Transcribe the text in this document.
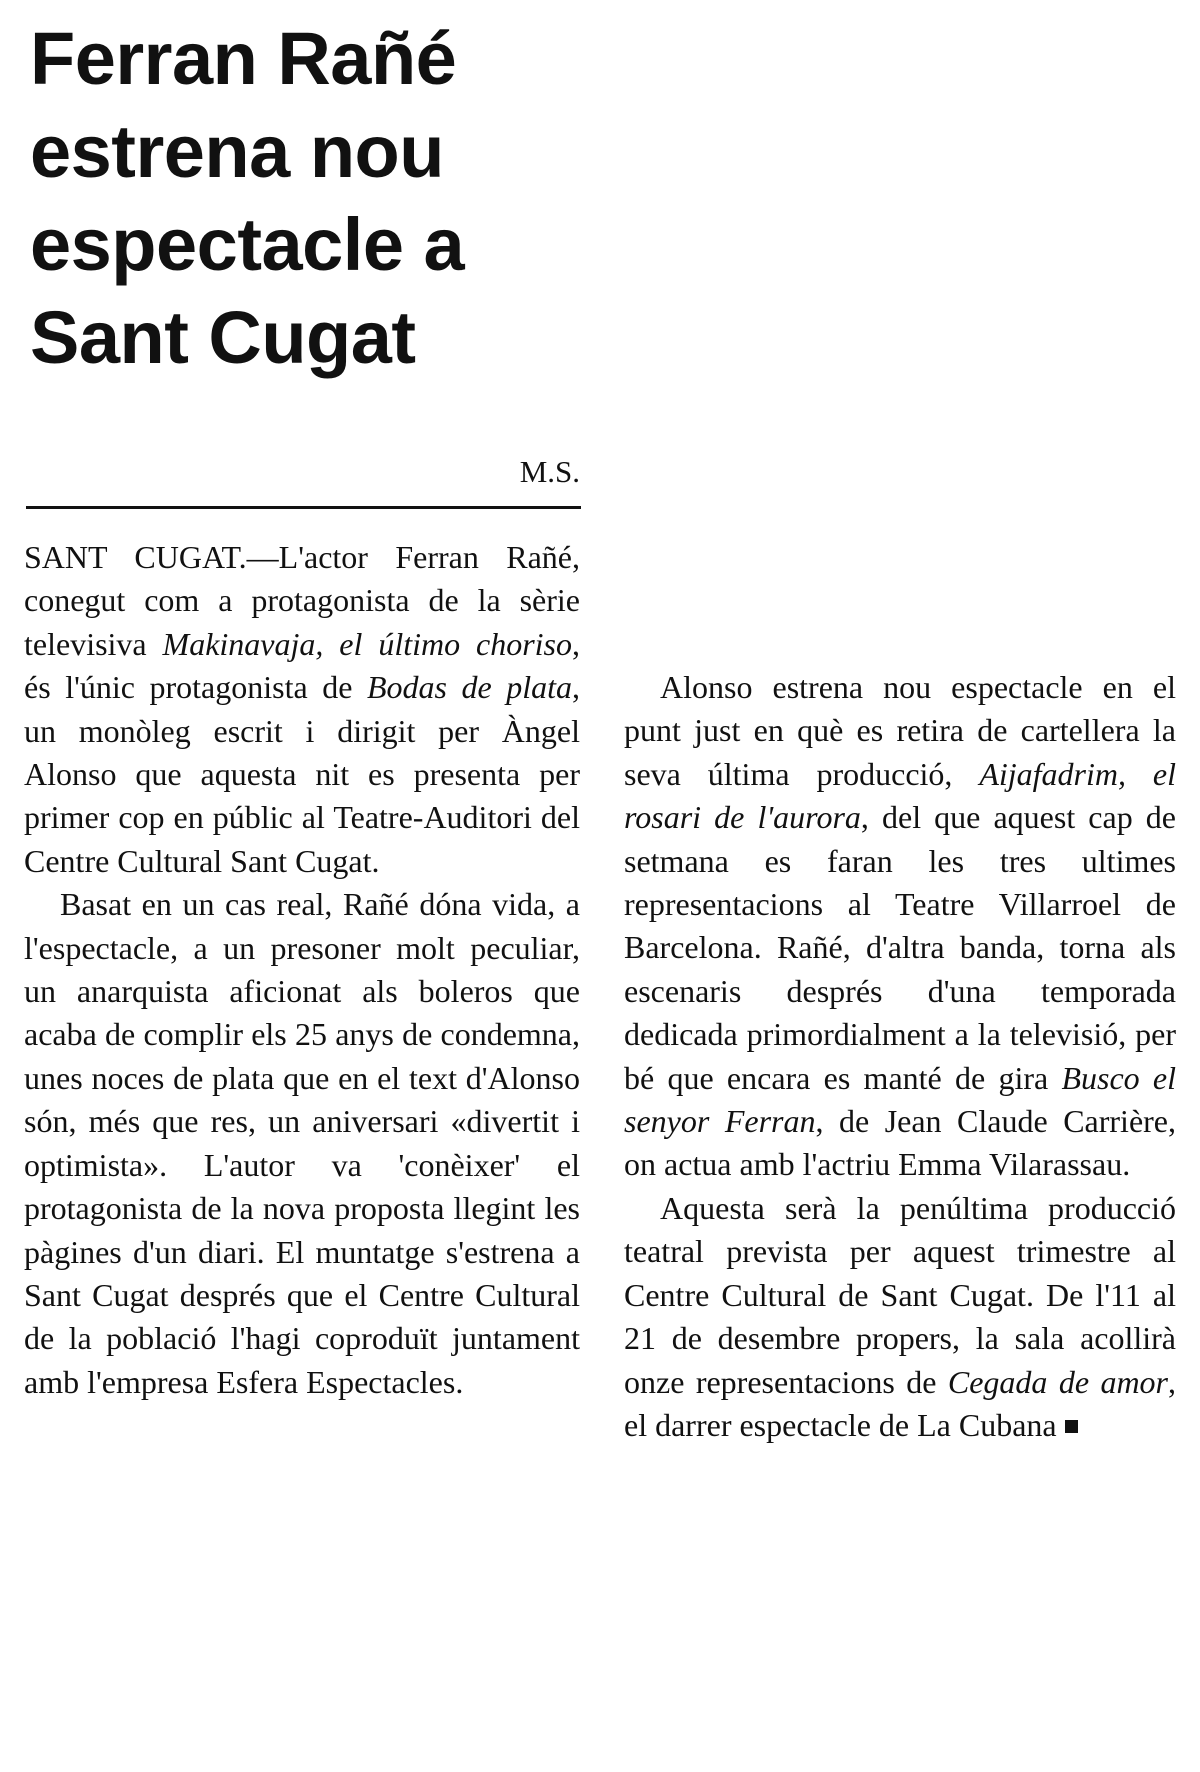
Ferran Rañé
estrena nou
espectacle a
Sant Cugat
M.S.

SANT CUGAT.—L'actor Ferran Rañé, conegut com a protagonista de la sèrie televisiva Makinavaja, el último choriso, és l'únic protagonista de Bodas de plata, un monòleg escrit i dirigit per Àngel Alonso que aquesta nit es presenta per primer cop en públic al Teatre-Auditori del Centre Cultural Sant Cugat.

Basat en un cas real, Rañé dóna vida, a l'espectacle, a un presoner molt peculiar, un anarquista aficionat als boleros que acaba de complir els 25 anys de condemna, unes noces de plata que en el text d'Alonso són, més que res, un aniversari «divertit i optimista». L'autor va 'conèixer' el protagonista de la nova proposta llegint les pàgines d'un diari. El muntatge s'estrena a Sant Cugat després que el Centre Cultural de la població l'hagi coproduït juntament amb l'empresa Esfera Espectacles.

Alonso estrena nou espectacle en el punt just en què es retira de cartellera la seva última producció, Aijafadrim, el rosari de l'aurora, del que aquest cap de setmana es faran les tres ultimes representacions al Teatre Villarroel de Barcelona. Rañé, d'altra banda, torna als escenaris després d'una temporada dedicada primordialment a la televisió, per bé que encara es manté de gira Busco el senyor Ferran, de Jean Claude Carrière, on actua amb l'actriu Emma Vilarassau.

Aquesta serà la penúltima producció teatral prevista per aquest trimestre al Centre Cultural de Sant Cugat. De l'11 al 21 de desembre propers, la sala acollirà onze representacions de Cegada de amor, el darrer espectacle de La Cubana
